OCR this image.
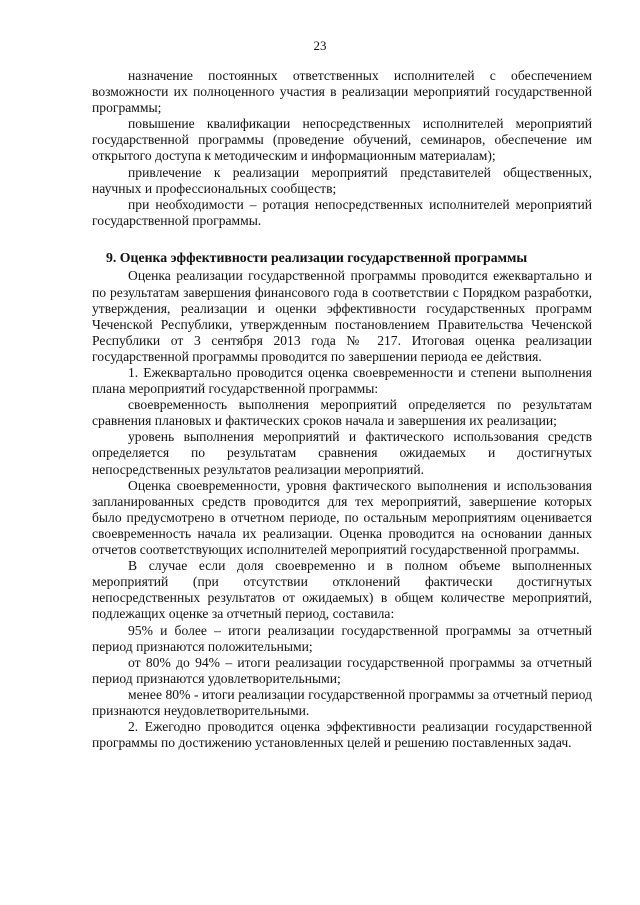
23

назначение постоянных ответственных исполнителей с обеспечением возможности их полноценного участия в реализации мероприятий государственной программы;

повышение квалификации непосредственных исполнителей мероприятий государственной программы (проведение обучений, семинаров, обеспечение им открытого доступа к методическим и информационным материалам);

привлечение к реализации мероприятий представителей общественных, научных и профессиональных сообществ;

при необходимости – ротация непосредственных исполнителей мероприятий государственной программы.

9. Оценка эффективности реализации государственной программы

Оценка реализации государственной программы проводится ежеквартально и по результатам завершения финансового года в соответствии с Порядком разработки, утверждения, реализации и оценки эффективности государственных программ Чеченской Республики, утвержденным постановлением Правительства Чеченской Республики от 3 сентября 2013 года № 217. Итоговая оценка реализации государственной программы проводится по завершении периода ее действия.

1. Ежеквартально проводится оценка своевременности и степени выполнения плана мероприятий государственной программы:

своевременность выполнения мероприятий определяется по результатам сравнения плановых и фактических сроков начала и завершения их реализации;

уровень выполнения мероприятий и фактического использования средств определяется по результатам сравнения ожидаемых и достигнутых непосредственных результатов реализации мероприятий.

Оценка своевременности, уровня фактического выполнения и использования запланированных средств проводится для тех мероприятий, завершение которых было предусмотрено в отчетном периоде, по остальным мероприятиям оценивается своевременность начала их реализации. Оценка проводится на основании данных отчетов соответствующих исполнителей мероприятий государственной программы.

В случае если доля своевременно и в полном объеме выполненных мероприятий (при отсутствии отклонений фактически достигнутых непосредственных результатов от ожидаемых) в общем количестве мероприятий, подлежащих оценке за отчетный период, составила:

95% и более – итоги реализации государственной программы за отчетный период признаются положительными;

от 80% до 94% – итоги реализации государственной программы за отчетный период признаются удовлетворительными;

менее 80% - итоги реализации государственной программы за отчетный период признаются неудовлетворительными.

2. Ежегодно проводится оценка эффективности реализации государственной программы по достижению установленных целей и решению поставленных задач.
